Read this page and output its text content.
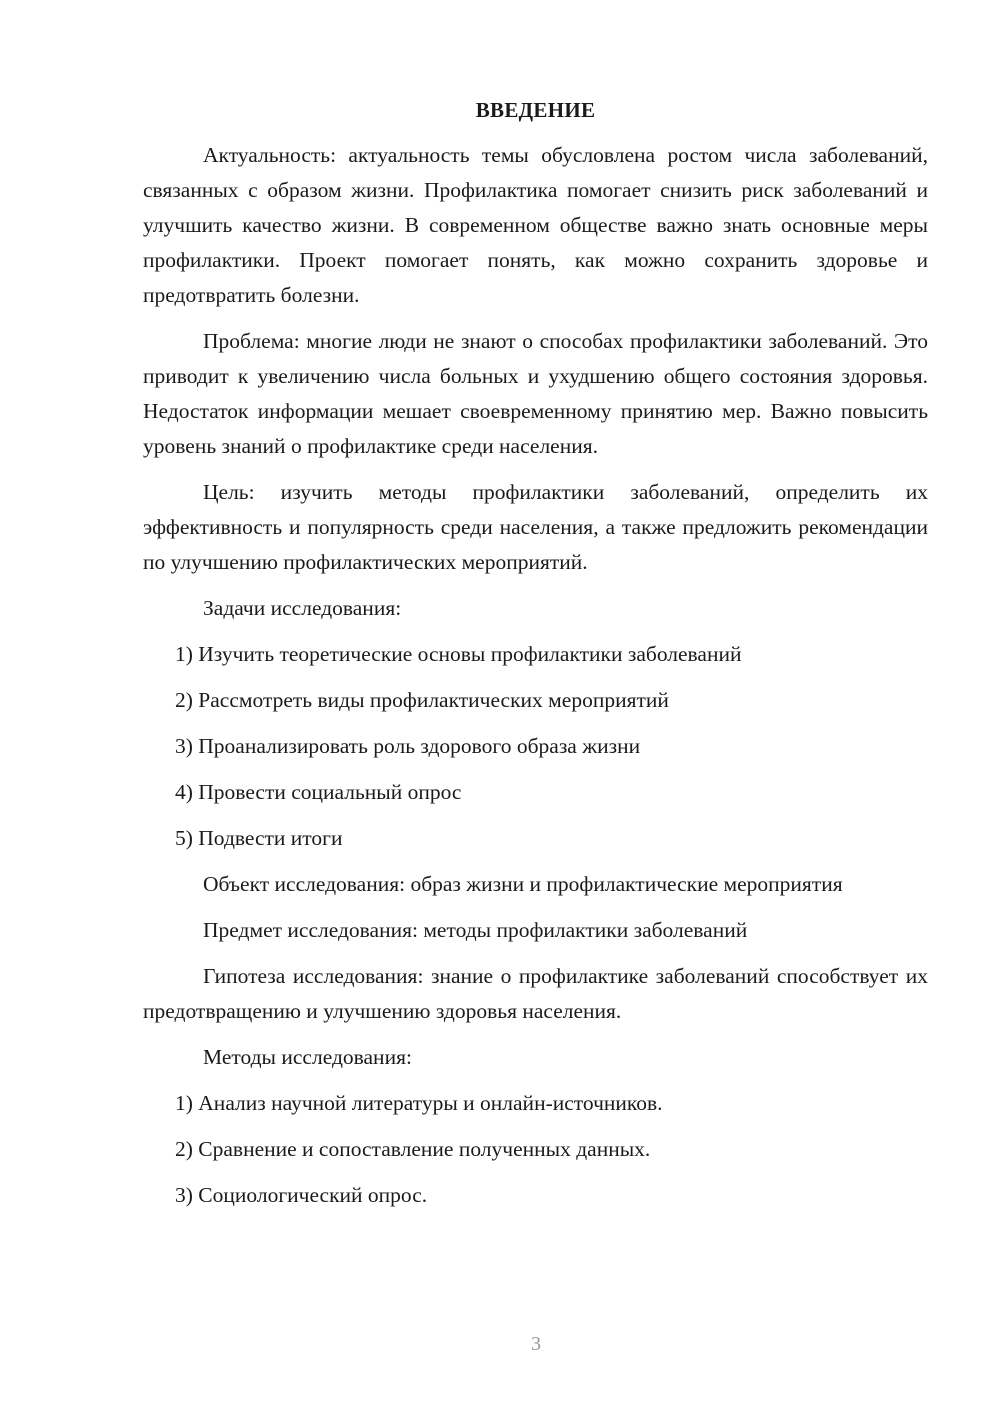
ВВЕДЕНИЕ

Актуальность: актуальность темы обусловлена ростом числа заболеваний, связанных с образом жизни. Профилактика помогает снизить риск заболеваний и улучшить качество жизни. В современном обществе важно знать основные меры профилактики. Проект помогает понять, как можно сохранить здоровье и предотвратить болезни.

Проблема: многие люди не знают о способах профилактики заболеваний. Это приводит к увеличению числа больных и ухудшению общего состояния здоровья. Недостаток информации мешает своевременному принятию мер. Важно повысить уровень знаний о профилактике среди населения.

Цель: изучить методы профилактики заболеваний, определить их эффективность и популярность среди населения, а также предложить рекомендации по улучшению профилактических мероприятий.

Задачи исследования:

1) Изучить теоретические основы профилактики заболеваний
2) Рассмотреть виды профилактических мероприятий
3) Проанализировать роль здорового образа жизни
4) Провести социальный опрос
5) Подвести итоги

Объект исследования: образ жизни и профилактические мероприятия

Предмет исследования: методы профилактики заболеваний

Гипотеза исследования: знание о профилактике заболеваний способствует их предотвращению и улучшению здоровья населения.

Методы исследования:

1) Анализ научной литературы и онлайн-источников.
2) Сравнение и сопоставление полученных данных.
3) Социологический опрос.
3
